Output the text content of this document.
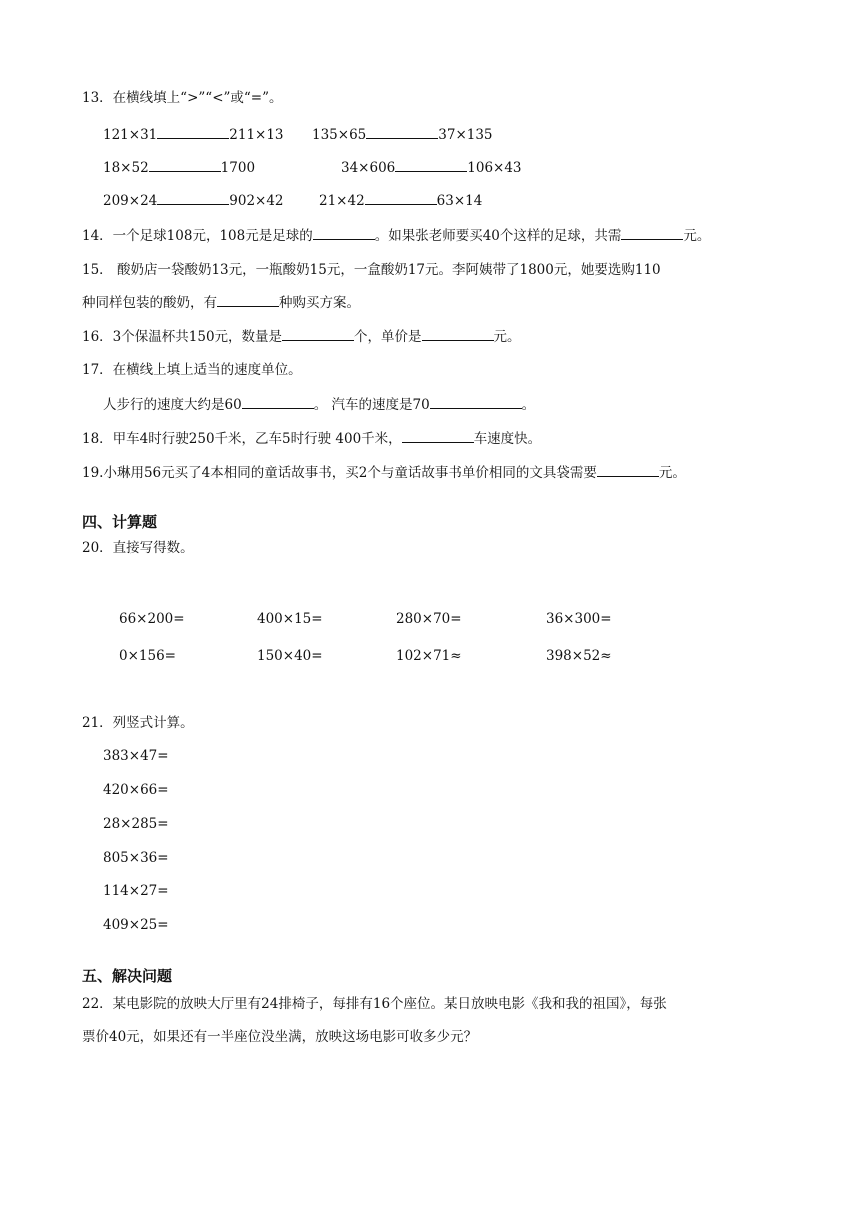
13．在横线填上“>”“<”或“=”。
121×31	211×13 135×65	37×135
18×52	1700	34×606	106×43
209×24	902×42	21×42	63×14
14．一个足球108元，108元是足球的	。如果张老师要买40个这样的足球，共需	元。
15． 酸奶店一袋酸奶13元，一瓶酸奶15元，一盒酸奶17元。李阿姨带了1800元，她要选购110
种同样包装的酸奶，有	种购买方案。
16．3个保温杯共150元，数量是	个，单价是	元。
17．在横线上填上适当的速度单位。
人步行的速度大约是60	。 汽车的速度是70	。
18．甲车4时行驶250千米，乙车5时行驶 400千米，	车速度快。
19.小琳用56元买了4本相同的童话故事书，买2个与童话故事书单价相同的文具袋需要	元。
四、计算题
20．直接写得数。
66×200=	400×15=	280×70=	36×300=
0×156=	150×40=	102×71≈	398×52≈
21．列竖式计算。
383×47=
420×66=
28×285=
805×36=
114×27=
409×25=
五、解决问题
22．某电影院的放映大厅里有24排椅子，每排有16个座位。某日放映电影《我和我的祖国》，每张
票价40元，如果还有一半座位没坐满，放映这场电影可收多少元？
